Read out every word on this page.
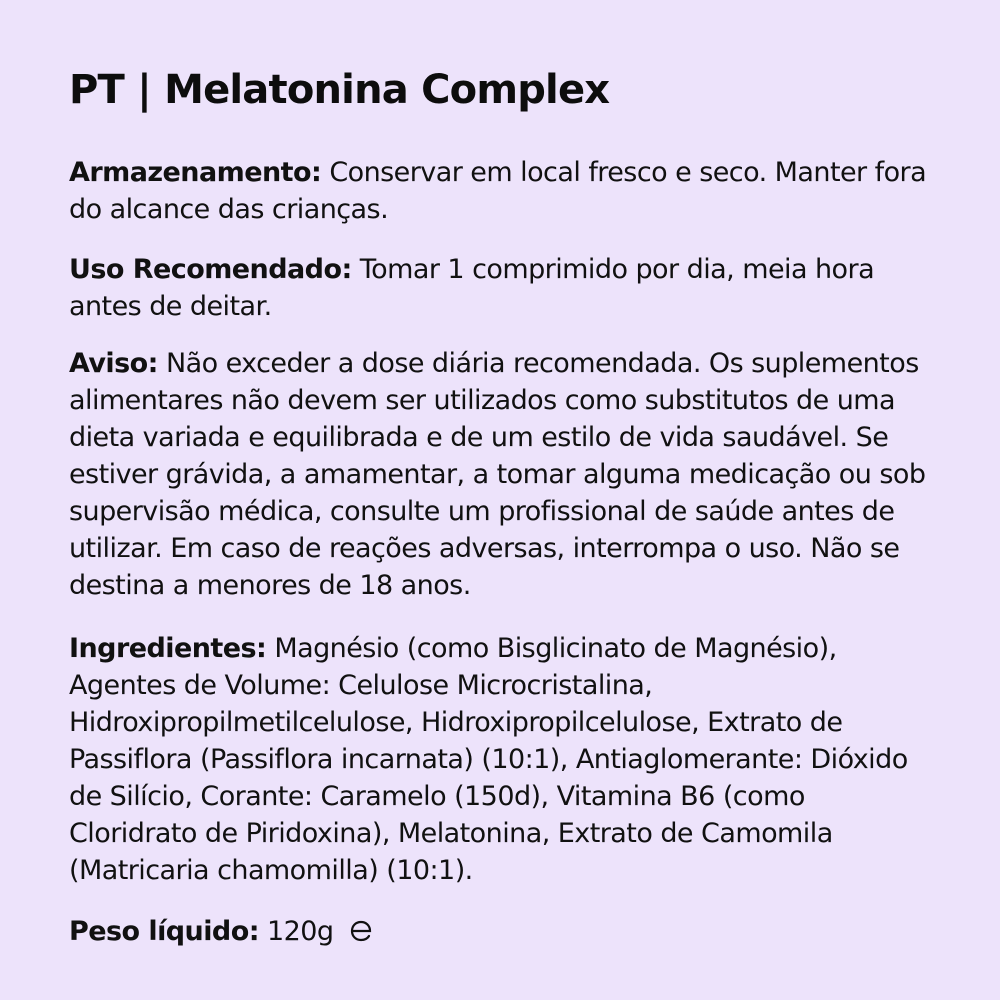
PT | Melatonina Complex

Armazenamento: Conservar em local fresco e seco. Manter fora do alcance das crianças.

Uso Recomendado: Tomar 1 comprimido por dia, meia hora antes de deitar.

Aviso: Não exceder a dose diária recomendada. Os suplementos alimentares não devem ser utilizados como substitutos de uma dieta variada e equilibrada e de um estilo de vida saudável. Se estiver grávida, a amamentar, a tomar alguma medicação ou sob supervisão médica, consulte um profissional de saúde antes de utilizar. Em caso de reações adversas, interrompa o uso. Não se destina a menores de 18 anos.

Ingredientes: Magnésio (como Bisglicinato de Magnésio), Agentes de Volume: Celulose Microcristalina, Hidroxipropilmetilcelulose, Hidroxipropilcelulose, Extrato de Passiflora (Passiflora incarnata) (10:1), Antiaglomerante: Dióxido de Silício, Corante: Caramelo (150d), Vitamina B6 (como Cloridrato de Piridoxina), Melatonina, Extrato de Camomila (Matricaria chamomilla) (10:1).

Peso líquido: 120g
